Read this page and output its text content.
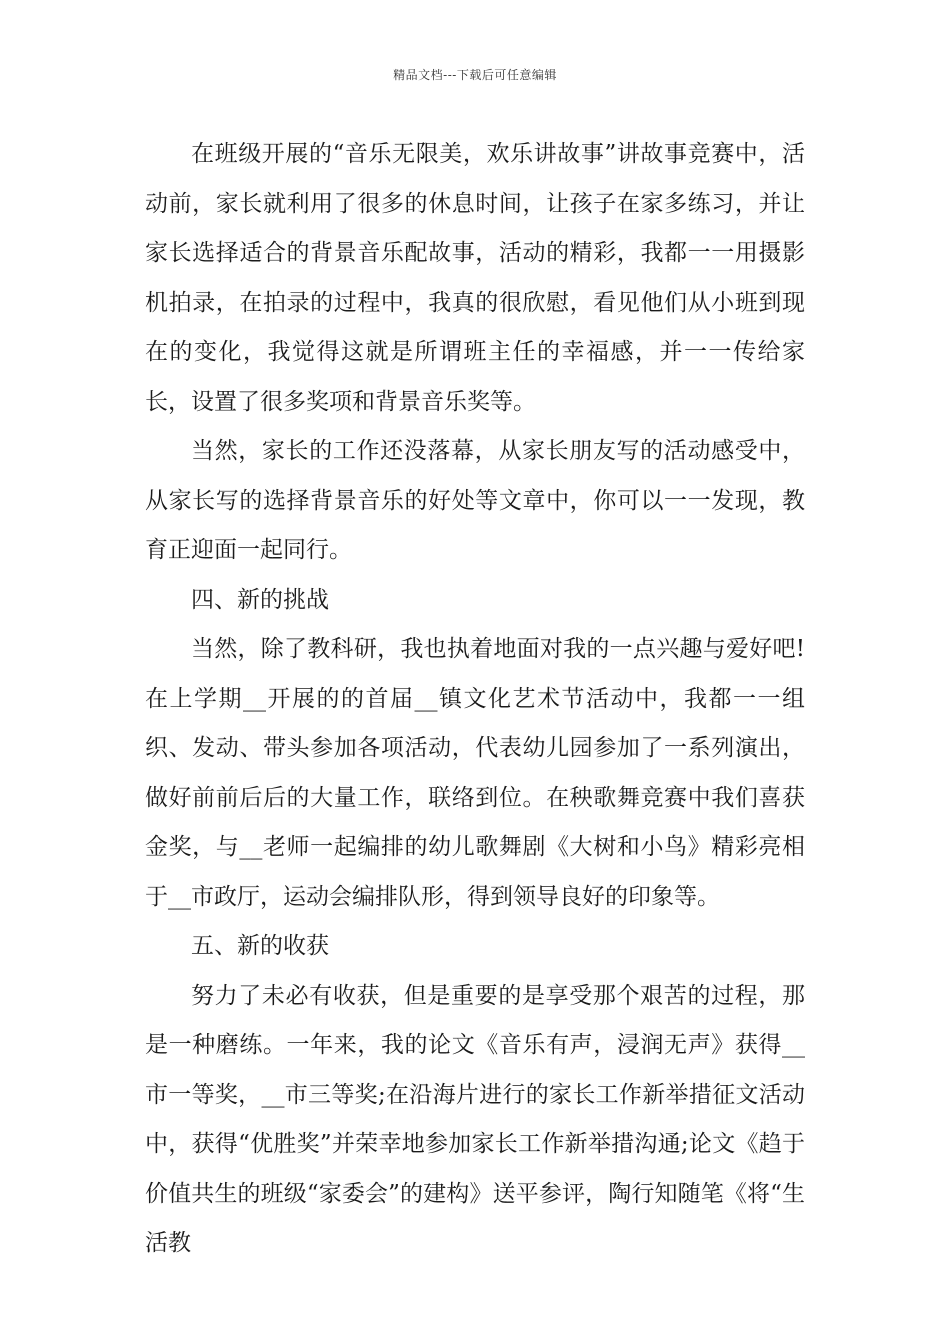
精品文档---下载后可任意编辑

在班级开展的“音乐无限美，欢乐讲故事”讲故事竞赛中，活动前，家长就利用了很多的休息时间，让孩子在家多练习，并让家长选择适合的背景音乐配故事，活动的精彩，我都一一用摄影机拍录，在拍录的过程中，我真的很欣慰，看见他们从小班到现在的变化，我觉得这就是所谓班主任的幸福感，并一一传给家长，设置了很多奖项和背景音乐奖等。

当然，家长的工作还没落幕，从家长朋友写的活动感受中，从家长写的选择背景音乐的好处等文章中，你可以一一发现，教育正迎面一起同行。

四、新的挑战

当然，除了教科研，我也执着地面对我的一点兴趣与爱好吧!在上学期__开展的的首届__镇文化艺术节活动中，我都一一组织、发动、带头参加各项活动，代表幼儿园参加了一系列演出，做好前前后后的大量工作，联络到位。在秧歌舞竞赛中我们喜获金奖，与__老师一起编排的幼儿歌舞剧《大树和小鸟》精彩亮相于__市政厅，运动会编排队形，得到领导良好的印象等。

五、新的收获

努力了未必有收获，但是重要的是享受那个艰苦的过程，那是一种磨练。一年来，我的论文《音乐有声，浸润无声》获得__市一等奖，__市三等奖;在沿海片进行的家长工作新举措征文活动中，获得“优胜奖”并荣幸地参加家长工作新举措沟通;论文《趋于价值共生的班级“家委会”的建构》送平参评，陶行知随笔《将“生活教
